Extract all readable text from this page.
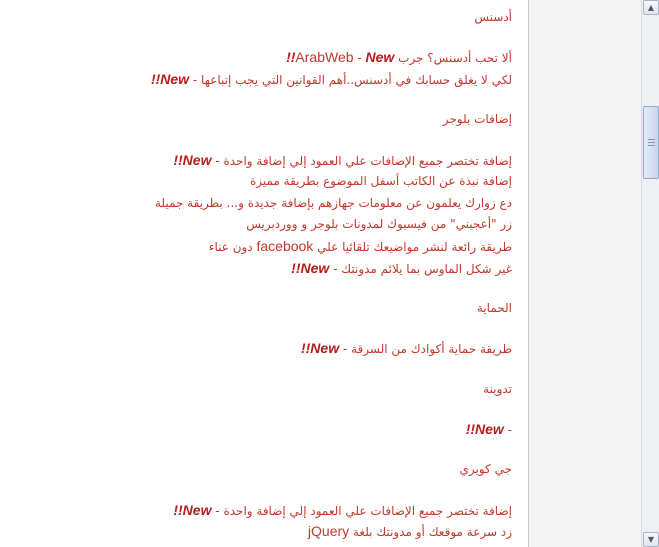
أدسنس
ألا تحب أدسنس؟ جرب ArabWeb - New!!
لكي لا يغلق حسابك في أدسنس..أهم القوانين التي يجب إتباعها - New!!
إضافات بلوجر
إضافة تختصر جميع الإضافات علي العمود إلي إضافة واحدة - New!!
إضافة نبذة عن الكاتب أسفل الموضوع بطريقة مميزة
دع زوارك يعلمون عن معلومات جهازهم بإضافة جديدة و... بطريقة جميلة
زر "أعجبني" من فيسبوك لمدونات بلوجر و ووردبريس
طريقة رائعة لنشر مواضيعك تلقائيا علي facebook دون عناء
غير شكل الماوس بما يلائم مدونتك - New!!
الحماية
طريقة حماية أكوادك من السرقة - New!!
تدوينة
- New!!
جي كويري
إضافة تختصر جميع الإضافات علي العمود إلي إضافة واحدة - New!!
زد سرعة موقعك أو مدونتك بلغة jQuery
▲
▼
